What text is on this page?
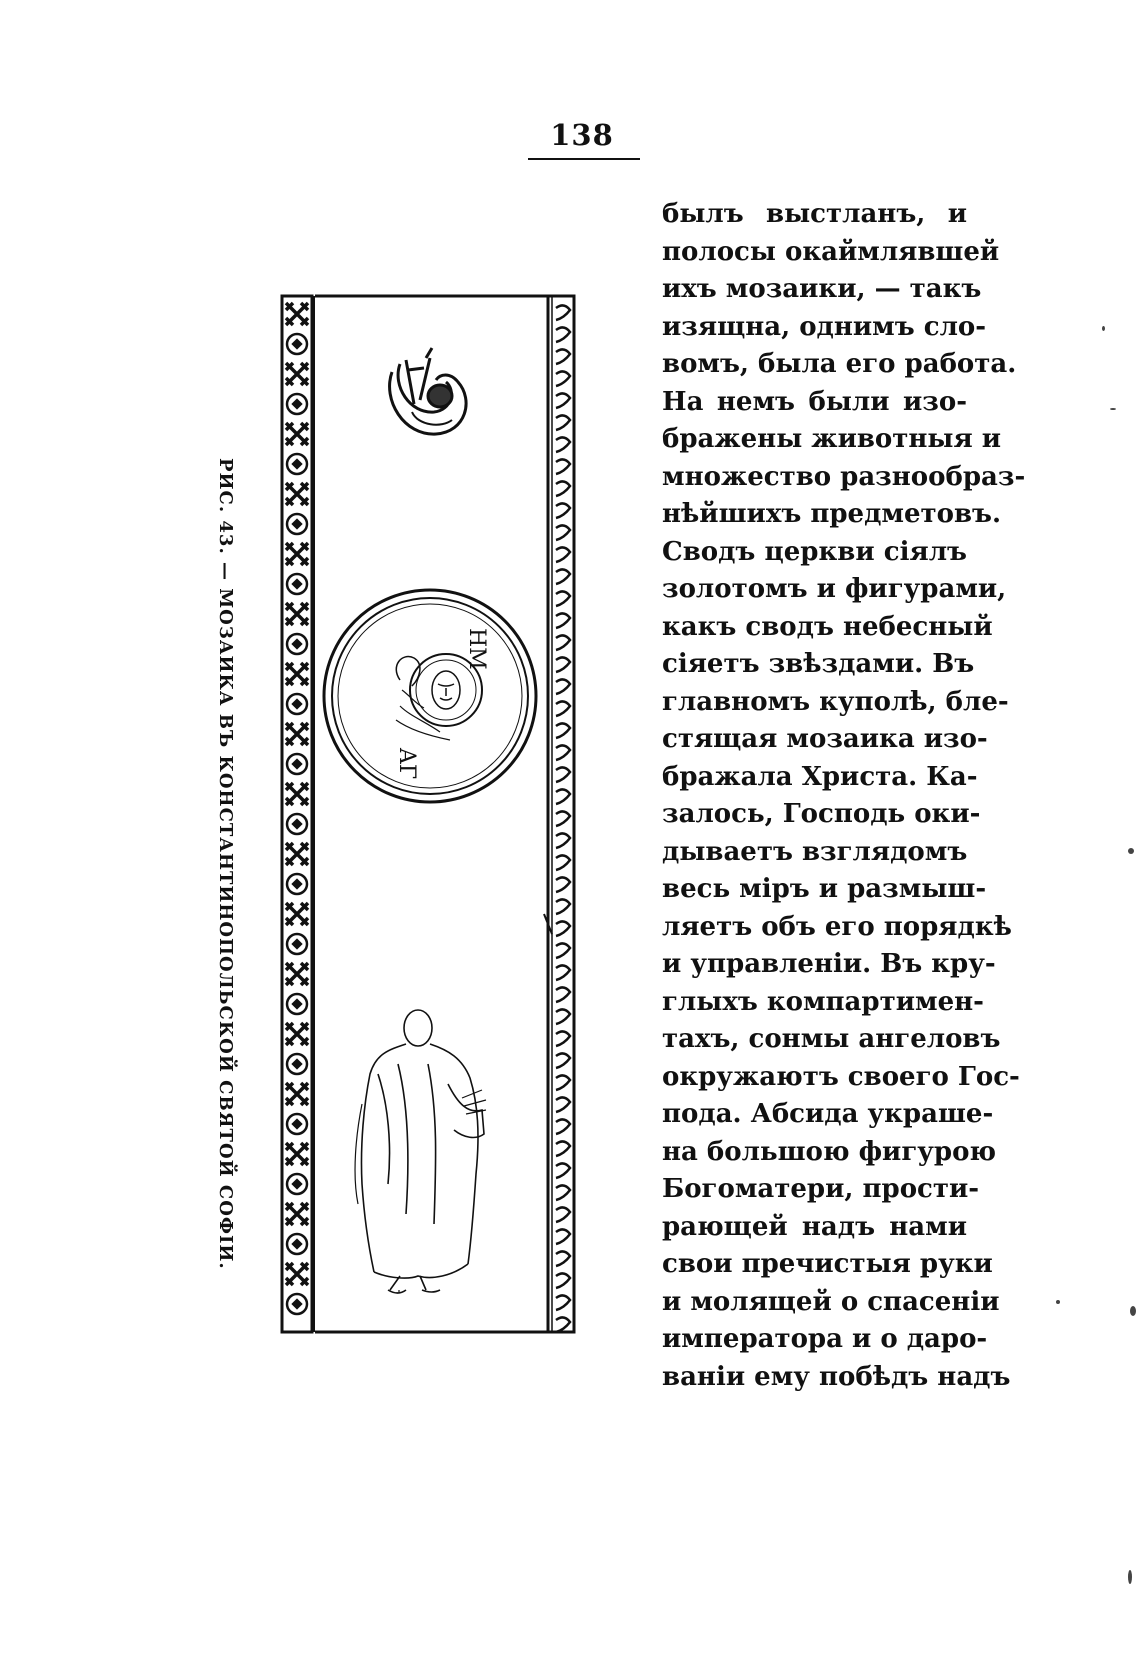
138
РИС. 43. — МОЗАИКА ВЪ КОНСТАНТИНОПОЛЬСКОЙ СВЯТОЙ СОФІИ.	ΗΜ
ΑΓ
былъ выстланъ, и
полосы окаймлявшей
ихъ мозаики, — такъ
изящна, однимъ сло-
вомъ, была его работа.
На немъ были изо-
бражены животныя и
множество разнообраз-
нѣйшихъ предметовъ.
Сводъ церкви сіялъ
золотомъ и фигурами,
какъ сводъ небесный
сіяетъ звѣздами. Въ
главномъ куполѣ, бле-
стящая мозаика изо-
бражала Христа. Ка-
залось, Господь оки-
дываетъ взглядомъ
весь міръ и размыш-
ляетъ объ его порядкѣ
и управленіи. Въ кру-
глыхъ компартимен-
тахъ, сонмы ангеловъ
окружаютъ своего Гос-
пода. Абсида украше-
на большою фигурою
Богоматери, прости-
рающей надъ нами
свои пречистыя руки
и молящей о спасеніи
императора и о даро-
ваніи ему побѣдъ надъ
